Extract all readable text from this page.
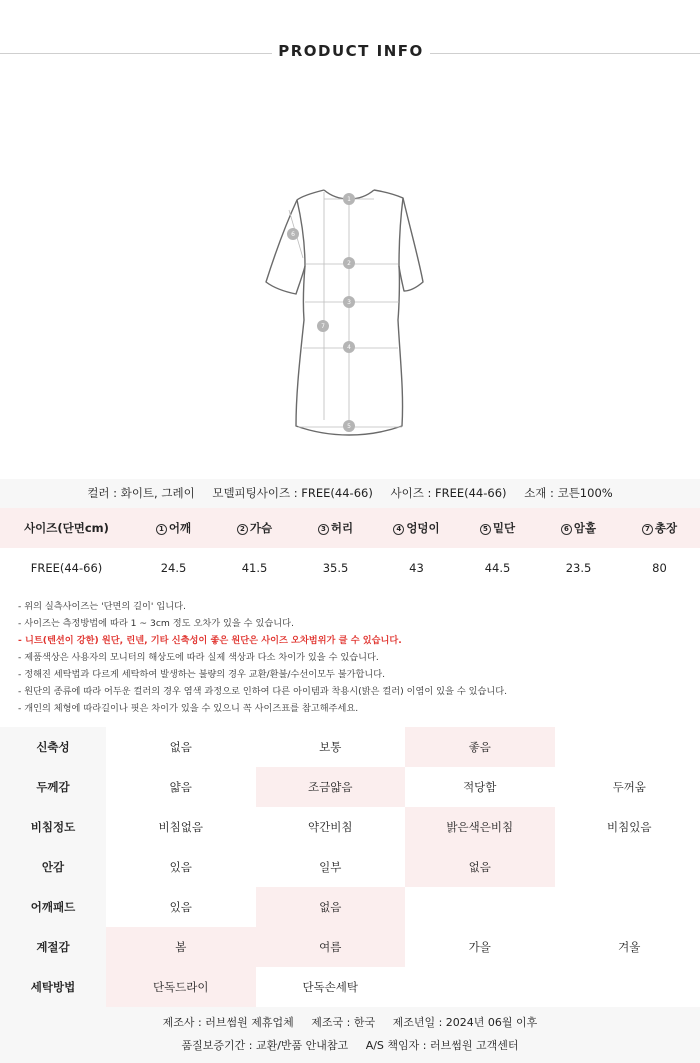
PRODUCT INFO
1
2
3
4
5
6
7
컬러 : 화이트, 그레이 모델피팅사이즈 : FREE(44-66) 사이즈 : FREE(44-66) 소재 : 코튼100%
사이즈(단면cm)	1 어깨	2 가슴	3 허리	4 엉덩이	5 밑단	6 암홀	7 총장
FREE(44-66)	24.5	41.5	35.5	43	44.5	23.5	80
- 위의 실측사이즈는 '단면의 길이' 입니다.
- 사이즈는 측정방법에 따라 1 ~ 3cm 정도 오차가 있을 수 있습니다.
- 니트(텐션이 강한) 원단, 린넨, 기타 신축성이 좋은 원단은 사이즈 오차범위가 클 수 있습니다.
- 제품색상은 사용자의 모니터의 해상도에 따라 실제 색상과 다소 차이가 있을 수 있습니다.
- 정해진 세탁법과 다르게 세탁하여 발생하는 불량의 경우 교환/환불/수선이모두 불가합니다.
- 원단의 종류에 따라 어두운 컬러의 경우 염색 과정으로 인하여 다른 아이템과 착용시(밝은 컬러) 이염이 있을 수 있습니다.
- 개인의 체형에 따라길이나 핏은 차이가 있을 수 있으니 꼭 사이즈표를 참고해주세요.
신축성	없음	보통	좋음	
두께감	얇음	조금얇음	적당함	두꺼움
비침정도	비침없음	약간비침	밝은색은비침	비침있음
안감	있음	일부	없음	
어깨패드	있음	없음		
계절감	봄	여름	가을	겨울
세탁방법	단독드라이	단독손세탁		
제조사 : 러브썸원 제휴업체 제조국 : 한국 제조년일 : 2024년 06월 이후
품질보증기간 : 교환/반품 안내참고 A/S 책임자 : 러브썸원 고객센터
